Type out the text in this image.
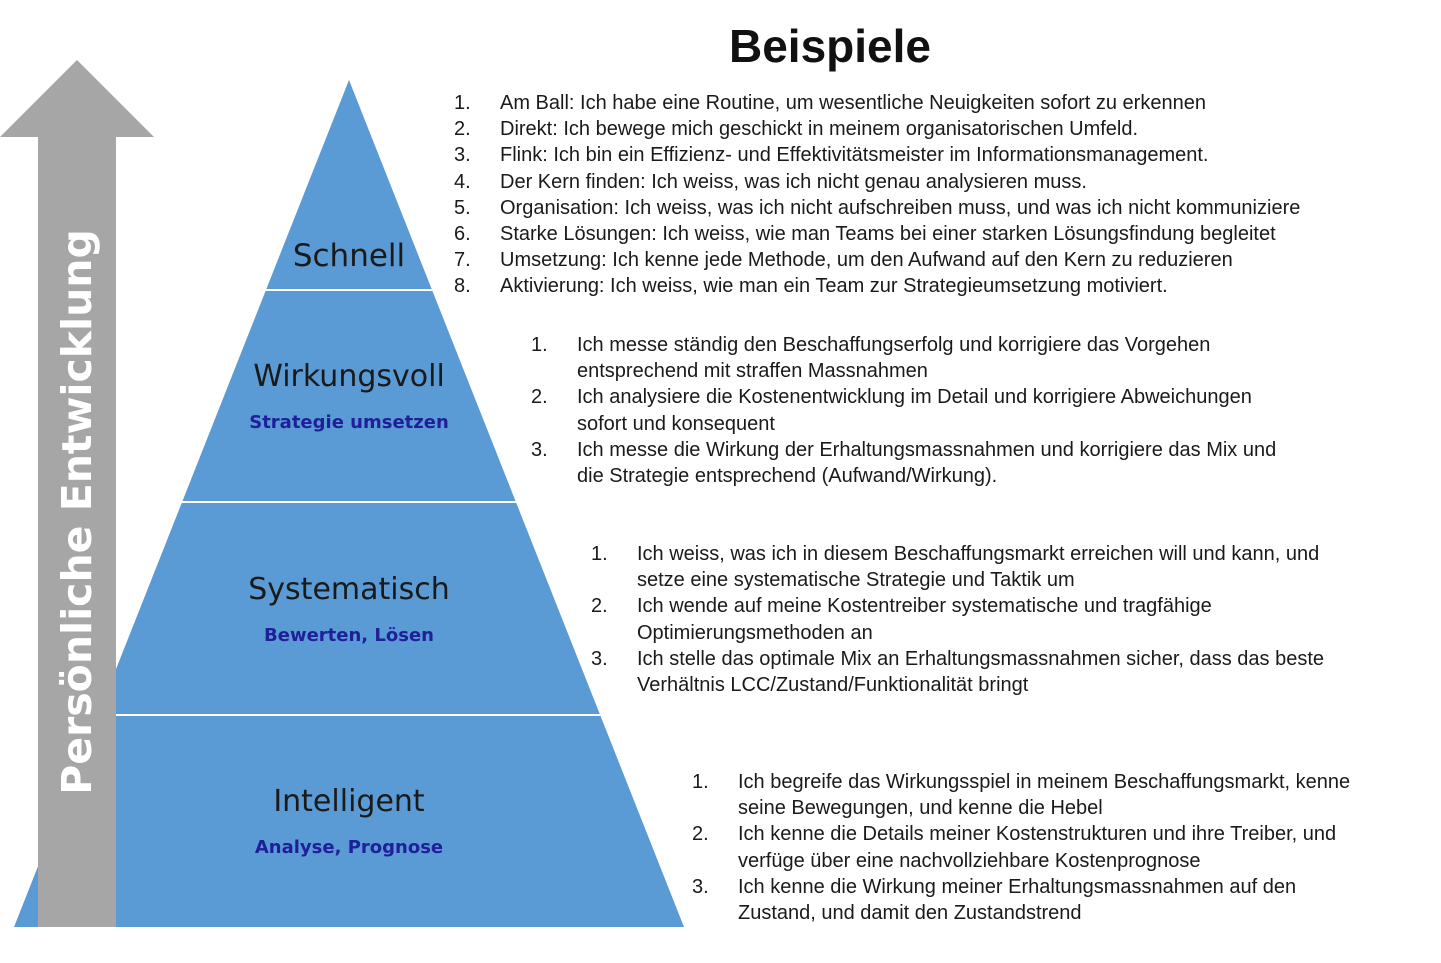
Persönliche Entwicklung	Schnell
Wirkungsvoll
Strategie umsetzen
Systematisch
Bewerten, Lösen
Intelligent
Analyse, Prognose
Beispiele
1. Am Ball: Ich habe eine Routine, um wesentliche Neuigkeiten sofort zu erkennen
2. Direkt: Ich bewege mich geschickt in meinem organisatorischen Umfeld.
3. Flink: Ich bin ein Effizienz- und Effektivitätsmeister im Informationsmanagement.
4. Der Kern finden: Ich weiss, was ich nicht genau analysieren muss.
5. Organisation: Ich weiss, was ich nicht aufschreiben muss, und was ich nicht kommuniziere
6. Starke Lösungen: Ich weiss, wie man Teams bei einer starken Lösungsfindung begleitet
7. Umsetzung: Ich kenne jede Methode, um den Aufwand auf den Kern zu reduzieren
8. Aktivierung: Ich weiss, wie man ein Team zur Strategieumsetzung motiviert.
1. Ich messe ständig den Beschaffungserfolg und korrigiere das Vorgehen
entsprechend mit straffen Massnahmen
2. Ich analysiere die Kostenentwicklung im Detail und korrigiere Abweichungen
sofort und konsequent
3. Ich messe die Wirkung der Erhaltungsmassnahmen und korrigiere das Mix und
die Strategie entsprechend (Aufwand/Wirkung).
1. Ich weiss, was ich in diesem Beschaffungsmarkt erreichen will und kann, und
setze eine systematische Strategie und Taktik um
2. Ich wende auf meine Kostentreiber systematische und tragfähige
Optimierungsmethoden an
3. Ich stelle das optimale Mix an Erhaltungsmassnahmen sicher, dass das beste
Verhältnis LCC/Zustand/Funktionalität bringt
1. Ich begreife das Wirkungsspiel in meinem Beschaffungsmarkt, kenne
seine Bewegungen, und kenne die Hebel
2. Ich kenne die Details meiner Kostenstrukturen und ihre Treiber, und
verfüge über eine nachvollziehbare Kostenprognose
3. Ich kenne die Wirkung meiner Erhaltungsmassnahmen auf den
Zustand, und damit den Zustandstrend
